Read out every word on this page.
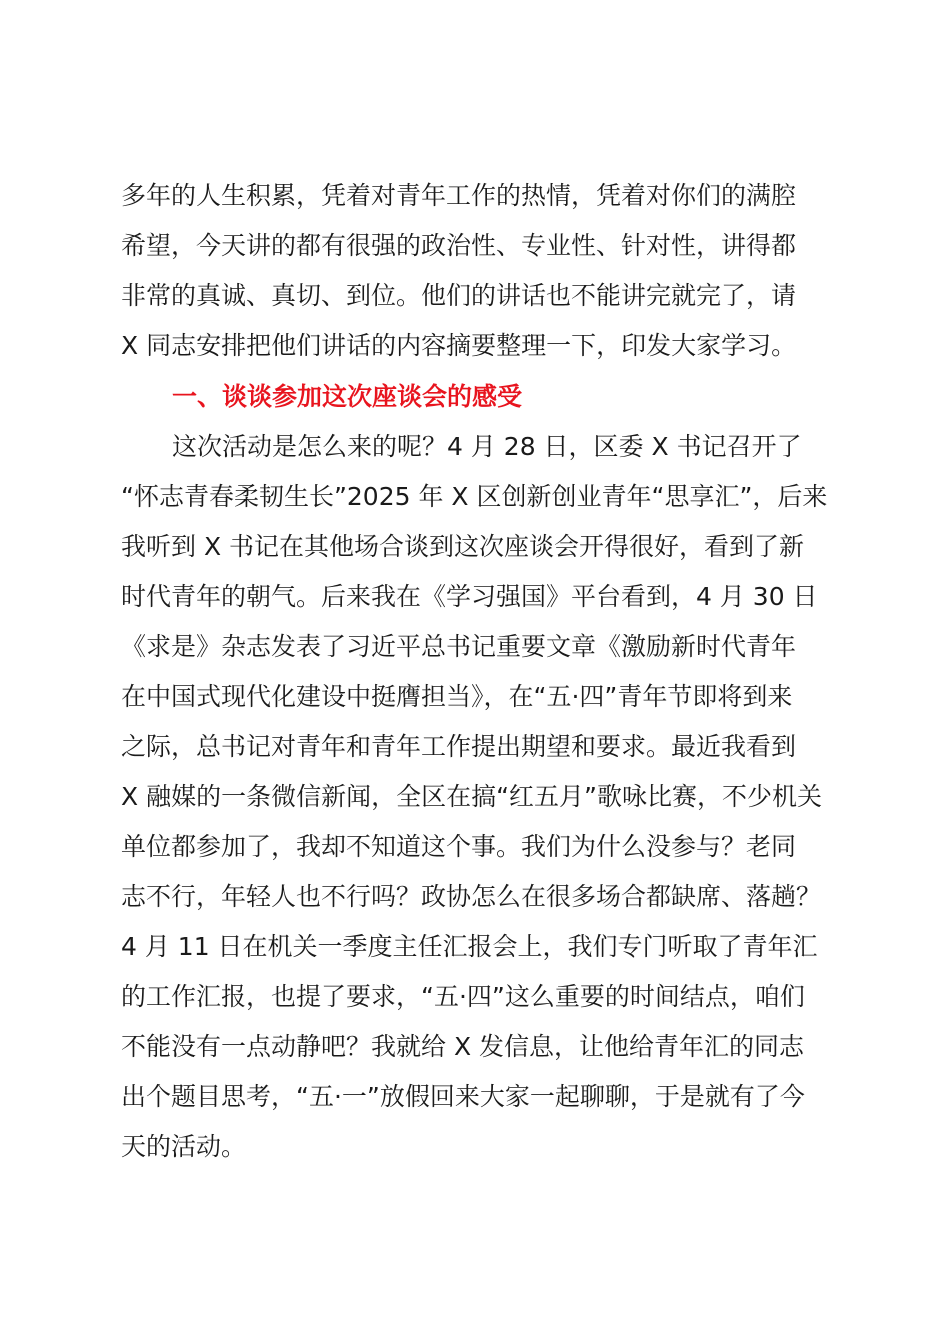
多年的人生积累，凭着对青年工作的热情，凭着对你们的满腔
希望，今天讲的都有很强的政治性、专业性、针对性，讲得都
非常的真诚、真切、到位。他们的讲话也不能讲完就完了，请
X 同志安排把他们讲话的内容摘要整理一下，印发大家学习。
一、谈谈参加这次座谈会的感受
这次活动是怎么来的呢？4 月 28 日，区委 X 书记召开了
“怀志青春柔韧生长”2025 年 X 区创新创业青年“思享汇”，后来
我听到 X 书记在其他场合谈到这次座谈会开得很好，看到了新
时代青年的朝气。后来我在《学习强国》平台看到，4 月 30 日
《求是》杂志发表了习近平总书记重要文章《激励新时代青年
在中国式现代化建设中挺膺担当》，在“五·四”青年节即将到来
之际，总书记对青年和青年工作提出期望和要求。最近我看到
X 融媒的一条微信新闻，全区在搞“红五月”歌咏比赛，不少机关
单位都参加了，我却不知道这个事。我们为什么没参与？老同
志不行，年轻人也不行吗？政协怎么在很多场合都缺席、落趟？
4 月 11 日在机关一季度主任汇报会上，我们专门听取了青年汇
的工作汇报，也提了要求，“五·四”这么重要的时间结点，咱们
不能没有一点动静吧？我就给 X 发信息，让他给青年汇的同志
出个题目思考，“五·一”放假回来大家一起聊聊，于是就有了今
天的活动。
